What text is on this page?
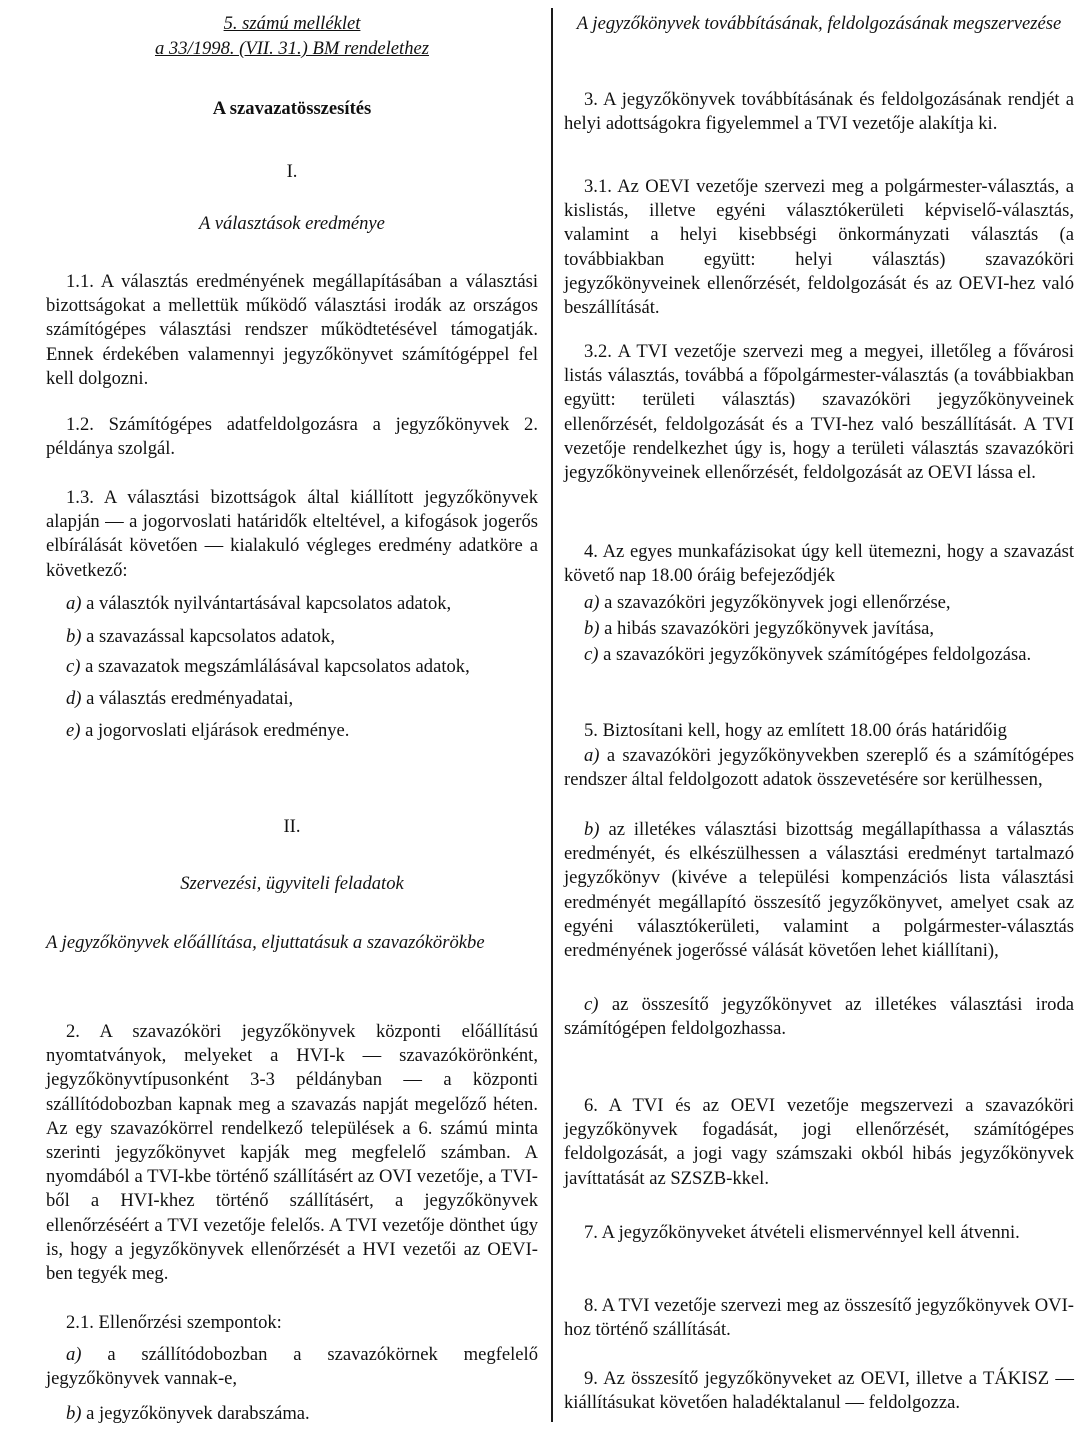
5. számú melléklet
a 33/1998. (VII. 31.) BM rendelethez
A szavazatösszesítés
I.
A választások eredménye
1.1. A választás eredményének megállapításában a választási bizottságokat a mellettük működő választási irodák az országos számítógépes választási rendszer működtetésével támogatják. Ennek érdekében valamennyi jegyzőkönyvet számítógéppel fel kell dolgozni.
1.2. Számítógépes adatfeldolgozásra a jegyzőkönyvek 2. példánya szolgál.
1.3. A választási bizottságok által kiállított jegyzőkönyvek alapján — a jogorvoslati határidők elteltével, a kifogások jogerős elbírálását követően — kialakuló végleges eredmény adatköre a következő:
a) a választók nyilvántartásával kapcsolatos adatok,
b) a szavazással kapcsolatos adatok,
c) a szavazatok megszámlálásával kapcsolatos adatok,
d) a választás eredményadatai,
e) a jogorvoslati eljárások eredménye.
II.
Szervezési, ügyviteli feladatok
A jegyzőkönyvek előállítása, eljuttatásuk a szavazókörökbe
2. A szavazóköri jegyzőkönyvek központi előállítású nyomtatványok, melyeket a HVI-k — szavazókörönként, jegyzőkönyvtípusonként 3-3 példányban — a központi szállítódobozban kapnak meg a szavazás napját megelőző héten. Az egy szavazókörrel rendelkező települések a 6. számú minta szerinti jegyzőkönyvet kapják meg megfelelő számban. A nyomdából a TVI-kbe történő szállításért az OVI vezetője, a TVI-ből a HVI-khez történő szállításért, a jegyzőkönyvek ellenőrzéséért a TVI vezetője felelős. A TVI vezetője dönthet úgy is, hogy a jegyzőkönyvek ellenőrzését a HVI vezetői az OEVI-ben tegyék meg.
2.1. Ellenőrzési szempontok:
a) a szállítódobozban a szavazókörnek megfelelő jegyzőkönyvek vannak-e,
b) a jegyzőkönyvek darabszáma.
A jegyzőkönyvek továbbításának, feldolgozásának megszervezése
3. A jegyzőkönyvek továbbításának és feldolgozásának rendjét a helyi adottságokra figyelemmel a TVI vezetője alakítja ki.
3.1. Az OEVI vezetője szervezi meg a polgármester-választás, a kislistás, illetve egyéni választókerületi képviselő-választás, valamint a helyi kisebbségi önkormányzati választás (a továbbiakban együtt: helyi választás) szavazóköri jegyzőkönyveinek ellenőrzését, feldolgozását és az OEVI-hez való beszállítását.
3.2. A TVI vezetője szervezi meg a megyei, illetőleg a fővárosi listás választás, továbbá a főpolgármester-választás (a továbbiakban együtt: területi választás) szavazóköri jegyzőkönyveinek ellenőrzését, feldolgozását és a TVI-hez való beszállítását. A TVI vezetője rendelkezhet úgy is, hogy a területi választás szavazóköri jegyzőkönyveinek ellenőrzését, feldolgozását az OEVI lássa el.
4. Az egyes munkafázisokat úgy kell ütemezni, hogy a szavazást követő nap 18.00 óráig befejeződjék
a) a szavazóköri jegyzőkönyvek jogi ellenőrzése,
b) a hibás szavazóköri jegyzőkönyvek javítása,
c) a szavazóköri jegyzőkönyvek számítógépes feldolgozása.
5. Biztosítani kell, hogy az említett 18.00 órás határidőig
a) a szavazóköri jegyzőkönyvekben szereplő és a számítógépes rendszer által feldolgozott adatok összevetésére sor kerülhessen,
b) az illetékes választási bizottság megállapíthassa a választás eredményét, és elkészülhessen a választási eredményt tartalmazó jegyzőkönyv (kivéve a települési kompenzációs lista választási eredményét megállapító összesítő jegyzőkönyvet, amelyet csak az egyéni választókerületi, valamint a polgármester-választás eredményének jogerőssé válását követően lehet kiállítani),
c) az összesítő jegyzőkönyvet az illetékes választási iroda számítógépen feldolgozhassa.
6. A TVI és az OEVI vezetője megszervezi a szavazóköri jegyzőkönyvek fogadását, jogi ellenőrzését, számítógépes feldolgozását, a jogi vagy számszaki okból hibás jegyzőkönyvek javíttatását az SZSZB-kkel.
7. A jegyzőkönyveket átvételi elismervénnyel kell átvenni.
8. A TVI vezetője szervezi meg az összesítő jegyzőkönyvek OVI-hoz történő szállítását.
9. Az összesítő jegyzőkönyveket az OEVI, illetve a TÁKISZ — kiállításukat követően haladéktalanul — feldolgozza.
